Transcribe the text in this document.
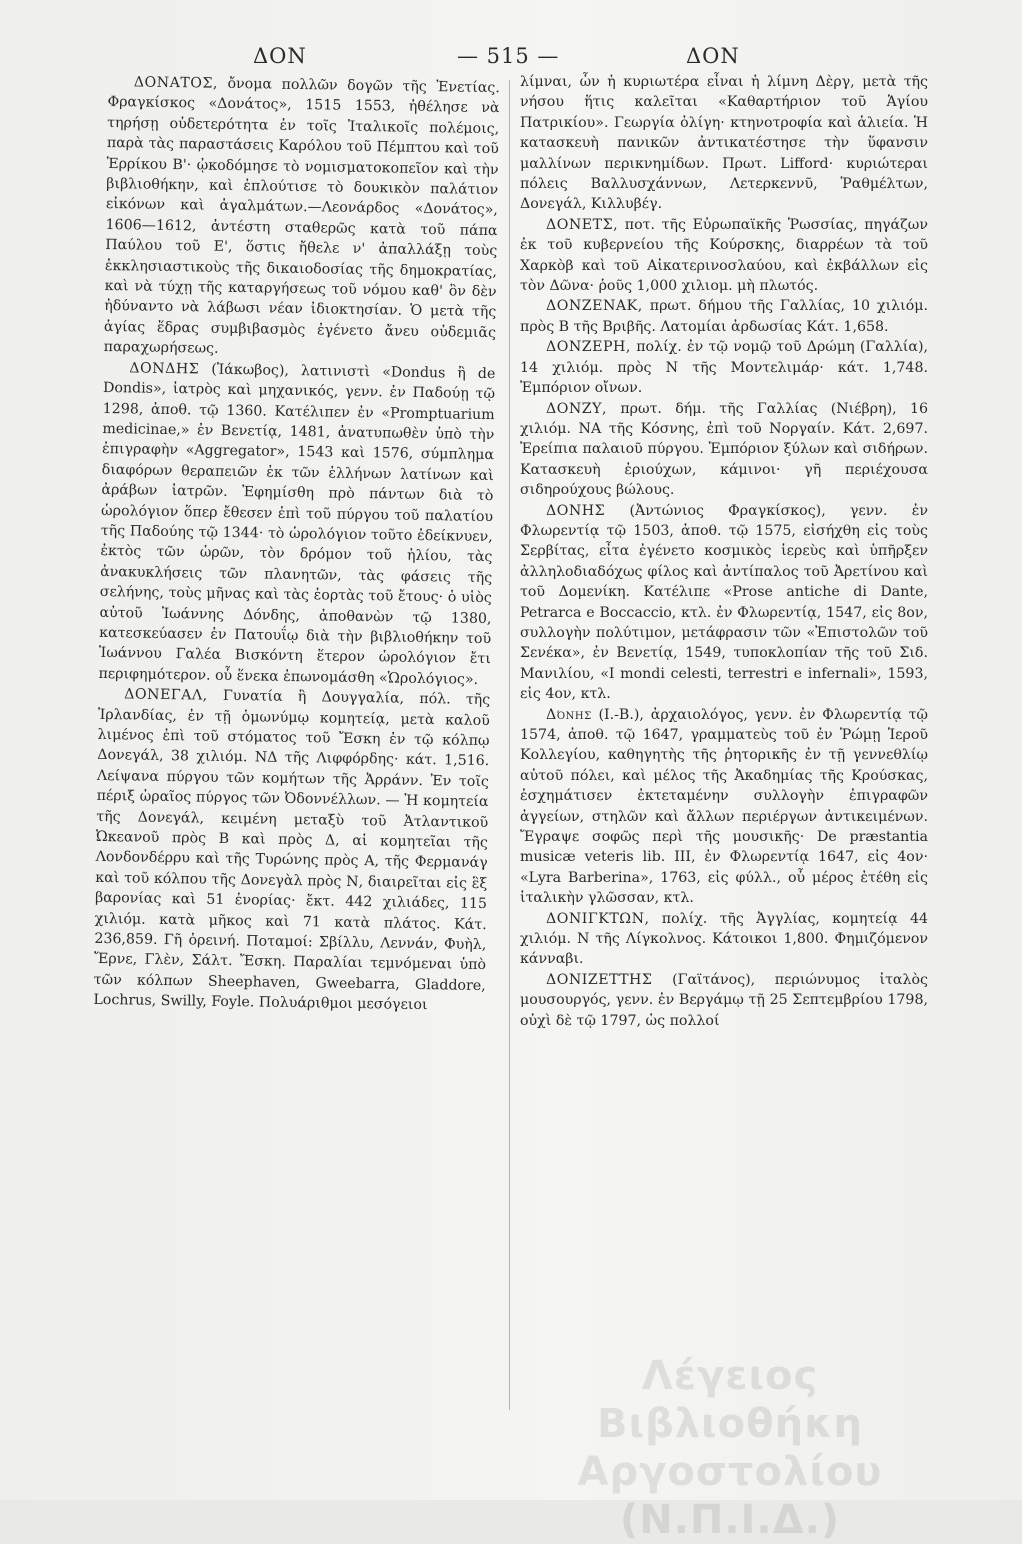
ΔΟΝ	— 515 —	ΔΟΝ

ΔΟΝΑΤΟΣ, ὄνομα πολλῶν δογῶν τῆς Ἐνετίας. Φραγκίσκος «Δονάτος», 1515 1553, ἠθέλησε νὰ τηρήσῃ οὐδετερότητα ἐν τοῖς Ἰταλικοῖς πολέμοις, παρὰ τὰς παραστάσεις Καρόλου τοῦ Πέμπτου καὶ τοῦ Ἐρρίκου Β'· ᾠκοδόμησε τὸ νομισματοκοπεῖον καὶ τὴν βιβλιοθήκην, καὶ ἐπλούτισε τὸ δουκικὸν παλάτιον εἰκόνων καὶ ἀγαλμάτων.—Λεονάρδος «Δονάτος», 1606—1612, ἀντέστη σταθερῶς κατὰ τοῦ πάπα Παύλου τοῦ Ε', ὅστις ἤθελε ν' ἀπαλλάξῃ τοὺς ἐκκλησιαστικοὺς τῆς δικαιοδοσίας τῆς δημοκρατίας, καὶ νὰ τύχῃ τῆς καταργήσεως τοῦ νόμου καθ' ὃν δὲν ἠδύναντο νὰ λάβωσι νέαν ἰδιοκτησίαν. Ὁ μετὰ τῆς ἁγίας ἕδρας συμβιβασμὸς ἐγένετο ἄνευ οὐδεμιᾶς παραχωρήσεως.

ΔΟΝΔΗΣ (Ἰάκωβος), λατινιστὶ «Dondus ἢ de Dondis», ἰατρὸς καὶ μηχανικός, γενν. ἐν Παδούῃ τῷ 1298, ἀποθ. τῷ 1360. Κατέλιπεν ἐν «Promptuarium medicinae,» ἐν Βενετίᾳ, 1481, ἀνατυπωθὲν ὑπὸ τὴν ἐπιγραφὴν «Aggregator», 1543 καὶ 1576, σύμπλημα διαφόρων θεραπειῶν ἐκ τῶν ἑλλήνων λατίνων καὶ ἀράβων ἰατρῶν. Ἐφημίσθη πρὸ πάντων διὰ τὸ ὡρολόγιον ὅπερ ἔθεσεν ἐπὶ τοῦ πύργου τοῦ παλατίου τῆς Παδούης τῷ 1344· τὸ ὡρολόγιον τοῦτο ἐδείκνυεν, ἐκτὸς τῶν ὡρῶν, τὸν δρόμον τοῦ ἡλίου, τὰς ἀνακυκλήσεις τῶν πλανητῶν, τὰς φάσεις τῆς σελήνης, τοὺς μῆνας καὶ τὰς ἑορτὰς τοῦ ἔτους· ὁ υἱὸς αὐτοῦ Ἰωάννης Δόνδης, ἀποθανὼν τῷ 1380, κατεσκεύασεν ἐν Πατουΐῳ διὰ τὴν βιβλιοθήκην τοῦ Ἰωάννου Γαλέα Βισκόντη ἕτερον ὡρολόγιον ἔτι περιφημότερον. οὗ ἕνεκα ἐπωνομάσθη «Ὡρολόγιος».

ΔΟΝΕΓΑΛ, Γυνατία ἢ Δουγγαλία, πόλ. τῆς Ἰρλανδίας, ἐν τῇ ὁμωνύμῳ κομητείᾳ, μετὰ καλοῦ λιμένος ἐπὶ τοῦ στόματος τοῦ Ἔσκη ἐν τῷ κόλπῳ Δονεγάλ, 38 χιλιόμ. ΝΔ τῆς Λιφφόρδης· κάτ. 1,516. Λείψανα πύργου τῶν κομήτων τῆς Ἀρράνν. Ἐν τοῖς πέριξ ὡραῖος πύργος τῶν Ὀδοννέλλων. — Ἡ κομητεία τῆς Δονεγάλ, κειμένη μεταξὺ τοῦ Ἀτλαντικοῦ Ὠκεανοῦ πρὸς Β καὶ πρὸς Δ, αἱ κομητεῖαι τῆς Λονδονδέρρυ καὶ τῆς Τυρώνης πρὸς Α, τῆς Φερμανάγ καὶ τοῦ κόλπου τῆς Δονεγὰλ πρὸς Ν, διαιρεῖται εἰς ἓξ βαρονίας καὶ 51 ἐνορίας· ἔκτ. 442 χιλιάδες, 115 χιλιόμ. κατὰ μῆκος καὶ 71 κατὰ πλάτος. Κάτ. 236,859. Γῆ ὀρεινή. Ποταμοί: Σβίλλυ, Λεννάν, Φυὴλ, Ἔρνε, Γλὲν, Σάλτ. Ἔσκη. Παραλίαι τεμνόμεναι ὑπὸ τῶν κόλπων Sheephaven, Gweebarra, Gladdore, Lochrus, Swilly, Foyle. Πολυάριθμοι μεσόγειοι

λίμναι, ὧν ἡ κυριωτέρα εἶναι ἡ λίμνη Δὲργ, μετὰ τῆς νήσου ἥτις καλεῖται «Καθαρτήριον τοῦ Ἁγίου Πατρικίου». Γεωργία ὀλίγη· κτηνοτροφία καὶ ἁλιεία. Ἡ κατασκευὴ πανικῶν ἀντικατέστησε τὴν ὕφανσιν μαλλίνων περικνημίδων. Πρωτ. Lifford· κυριώτεραι πόλεις Βαλλυσχάννων, Λετερκεννῦ, Ῥαθμέλτων, Δονεγάλ, Κιλλυβέγ.

ΔΟΝΕΤΣ, ποτ. τῆς Εὐρωπαϊκῆς Ῥωσσίας, πηγάζων ἐκ τοῦ κυβερνείου τῆς Κούρσκης, διαρρέων τὰ τοῦ Χαρκὸβ καὶ τοῦ Αἰκατερινοσλαύου, καὶ ἐκβάλλων εἰς τὸν Δῶνα· ῥοῦς 1,000 χιλιομ. μὴ πλωτός.

ΔΟΝΖΕΝΑΚ, πρωτ. δήμου τῆς Γαλλίας, 10 χιλιόμ. πρὸς Β τῆς Βριβῆς. Λατομίαι ἀρδωσίας Κάτ. 1,658.

ΔΟΝΖΕΡΗ, πολίχ. ἐν τῷ νομῷ τοῦ Δρώμη (Γαλλία), 14 χιλιόμ. πρὸς Ν τῆς Μοντελιμάρ· κάτ. 1,748. Ἐμπόριον οἴνων.

ΔΟΝΖΥ, πρωτ. δήμ. τῆς Γαλλίας (Νιέβρη), 16 χιλιόμ. ΝΑ τῆς Κόσνης, ἐπὶ τοῦ Νοργαίν. Κάτ. 2,697. Ἐρείπια παλαιοῦ πύργου. Ἐμπόριον ξύλων καὶ σιδήρων. Κατασκευὴ ἐριούχων, κάμινοι· γῆ περιέχουσα σιδηρούχους βώλους.

ΔΟΝΗΣ (Ἀντώνιος Φραγκίσκος), γενν. ἐν Φλωρεντίᾳ τῷ 1503, ἀποθ. τῷ 1575, εἰσήχθη εἰς τοὺς Σερβίτας, εἶτα ἐγένετο κοσμικὸς ἱερεὺς καὶ ὑπῆρξεν ἀλληλοδιαδόχως φίλος καὶ ἀντίπαλος τοῦ Ἀρετίνου καὶ τοῦ Δομενίκη. Κατέλιπε «Prose antiche di Dante, Petrarca e Boccaccio, κτλ. ἐν Φλωρεντίᾳ, 1547, εἰς 8ον, συλλογὴν πολύτιμον, μετάφρασιν τῶν «Ἐπιστολῶν τοῦ Σενέκα», ἐν Βενετίᾳ, 1549, τυποκλοπίαν τῆς τοῦ Σιδ. Μανιλίου, «I mondi celesti, terrestri e infernali», 1593, εἰς 4ον, κτλ.

Δόνης (I.-B.), ἀρχαιολόγος, γενν. ἐν Φλωρεντίᾳ τῷ 1574, ἀποθ. τῷ 1647, γραμματεὺς τοῦ ἐν Ῥώμῃ Ἱεροῦ Κολλεγίου, καθηγητὴς τῆς ῥητορικῆς ἐν τῇ γεννεθλίῳ αὐτοῦ πόλει, καὶ μέλος τῆς Ἀκαδημίας τῆς Κρούσκας, ἐσχημάτισεν ἐκτεταμένην συλλογὴν ἐπιγραφῶν ἀγγείων, στηλῶν καὶ ἄλλων περιέργων ἀντικειμένων. Ἔγραψε σοφῶς περὶ τῆς μουσικῆς· De præstantia musicæ veteris lib. III, ἐν Φλωρεντίᾳ 1647, εἰς 4ον· «Lyra Barberina», 1763, εἰς φύλλ., οὗ μέρος ἐτέθη εἰς ἰταλικὴν γλῶσσαν, κτλ.

ΔΟΝΙΓΚΤΩΝ, πολίχ. τῆς Ἀγγλίας, κομητείᾳ 44 χιλιόμ. Ν τῆς Λίγκολνος. Κάτοικοι 1,800. Φημιζόμενον κάνναβι.

ΔΟΝΙΖΕΤΤΗΣ (Γαϊτάνος), περιώνυμος ἰταλὸς μουσουργός, γενν. ἐν Βεργάμῳ τῇ 25 Σεπτεμβρίου 1798, οὐχὶ δὲ τῷ 1797, ὡς πολλοί

Λέγειος Βιβλιοθήκη Αργοστολίου (Ν.Π.Ι.Δ.)
